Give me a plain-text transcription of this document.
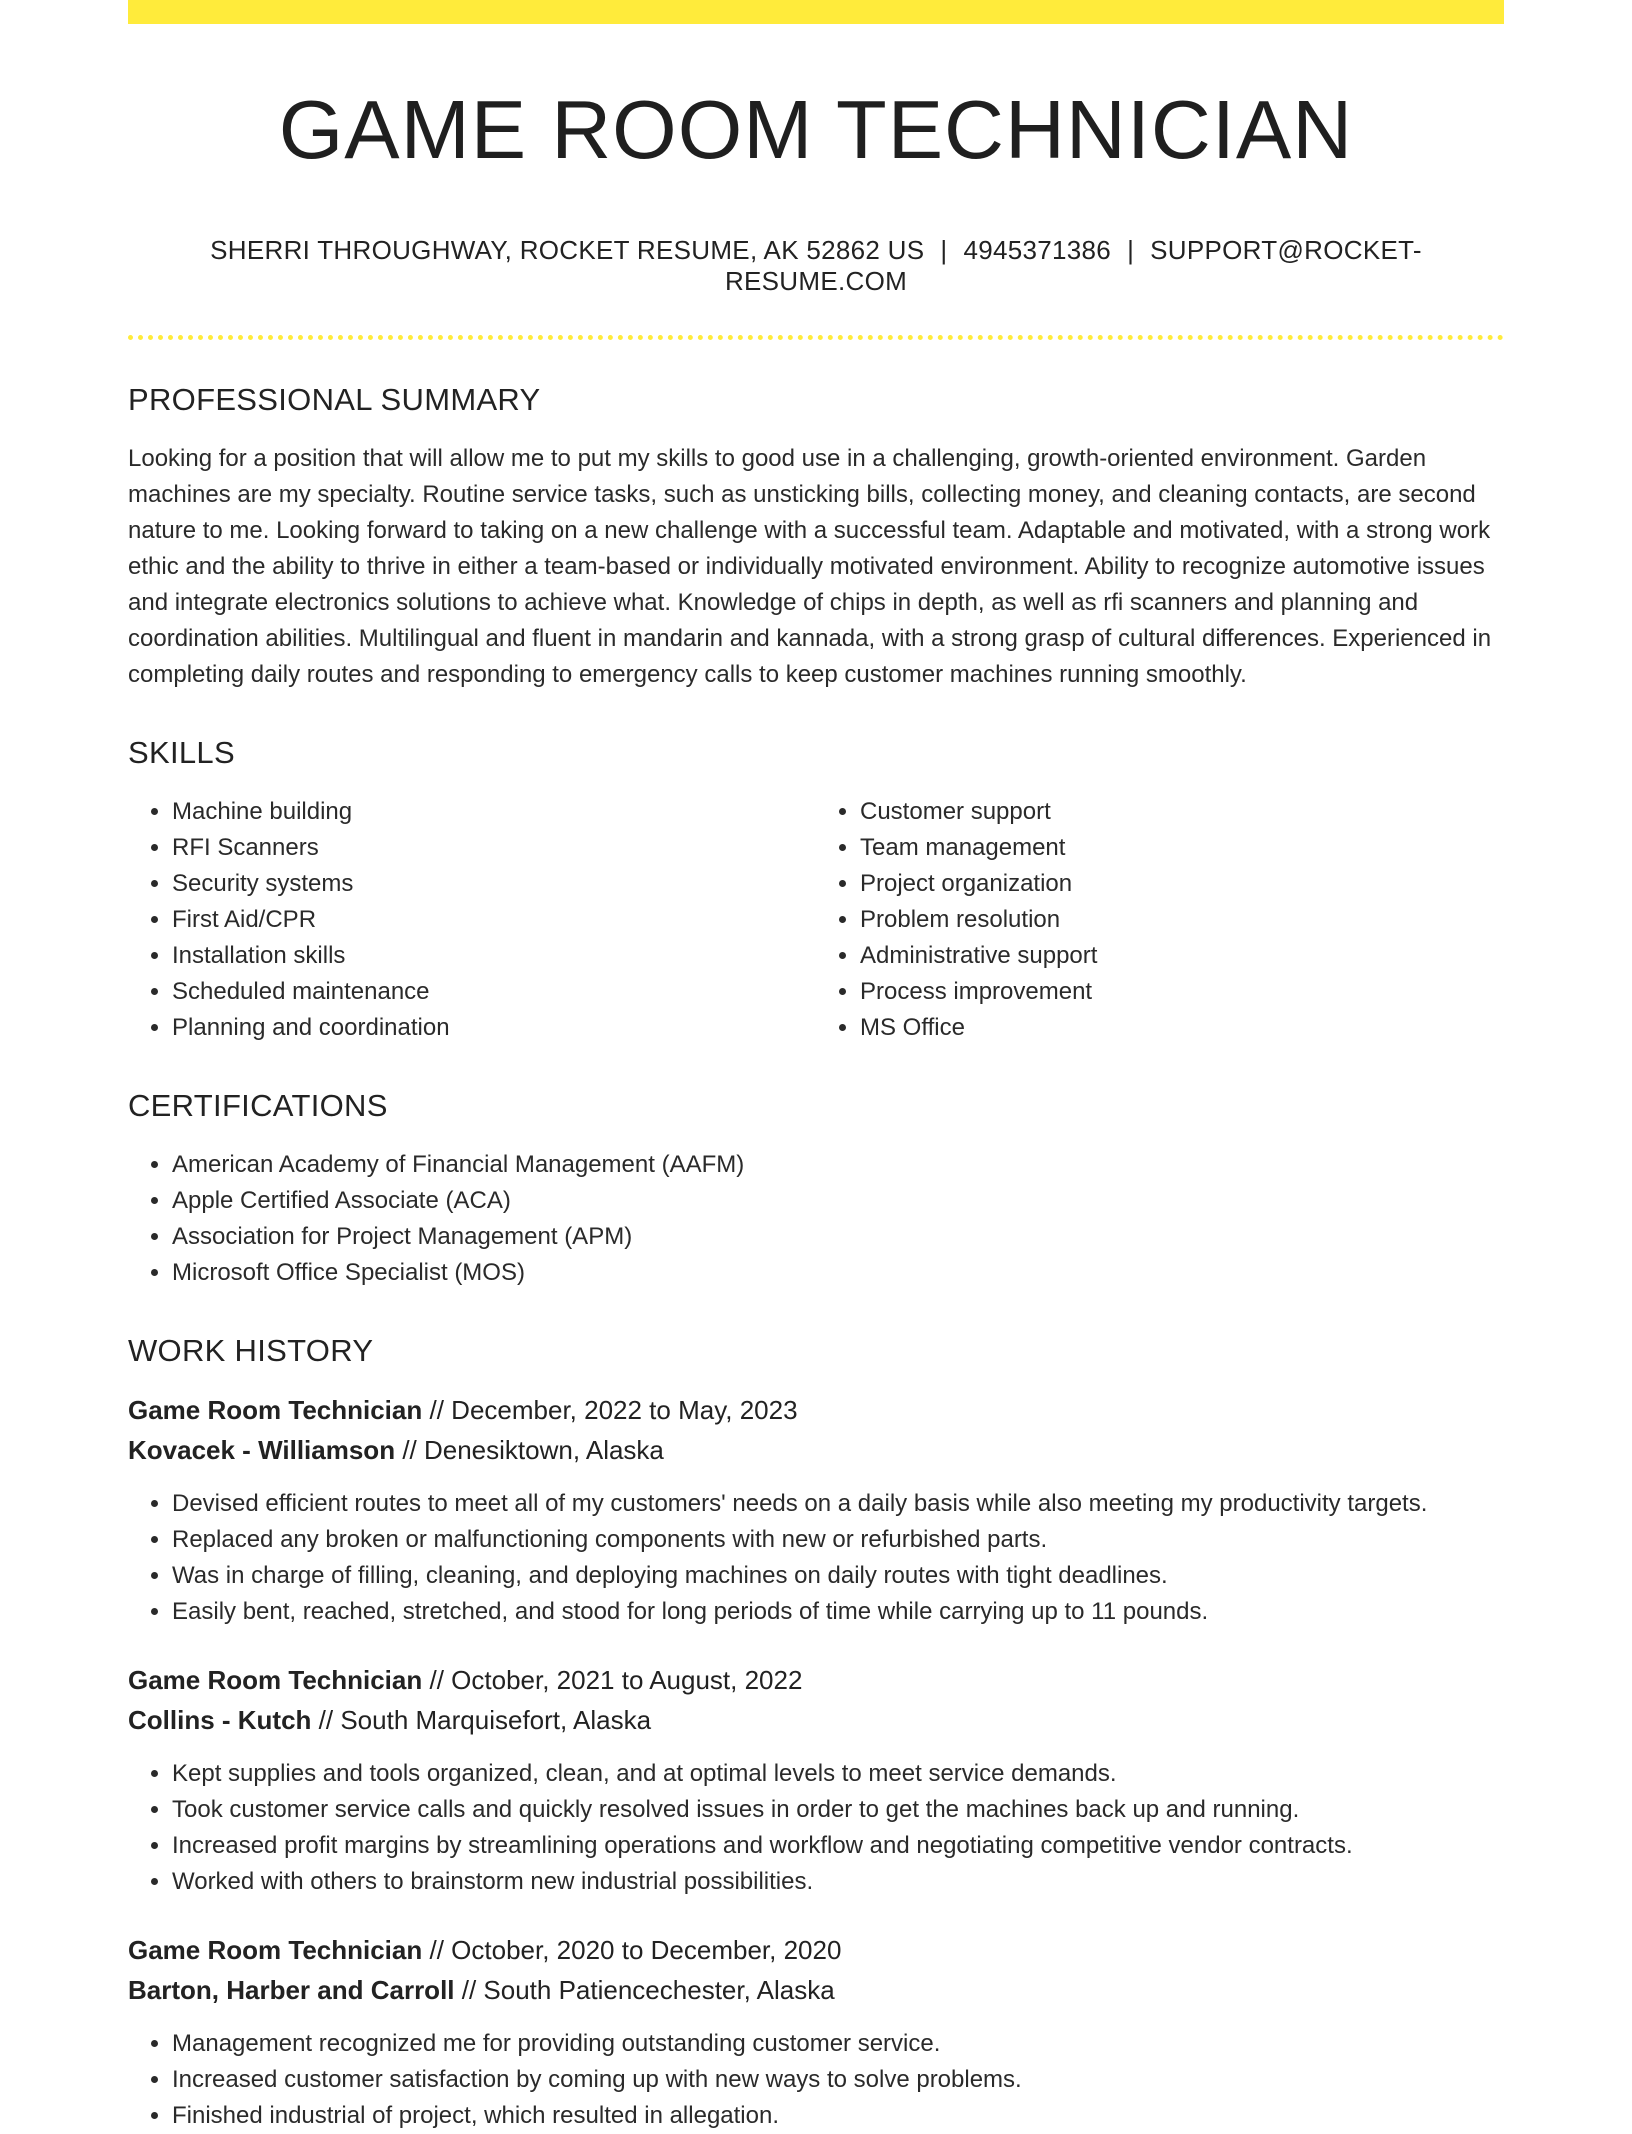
GAME ROOM TECHNICIAN
SHERRI THROUGHWAY, ROCKET RESUME, AK 52862 US | 4945371386 | SUPPORT@ROCKET-RESUME.COM
PROFESSIONAL SUMMARY

Looking for a position that will allow me to put my skills to good use in a challenging, growth-oriented environment. Garden machines are my specialty. Routine service tasks, such as unsticking bills, collecting money, and cleaning contacts, are second nature to me. Looking forward to taking on a new challenge with a successful team. Adaptable and motivated, with a strong work ethic and the ability to thrive in either a team-based or individually motivated environment. Ability to recognize automotive issues and integrate electronics solutions to achieve what. Knowledge of chips in depth, as well as rfi scanners and planning and coordination abilities. Multilingual and fluent in mandarin and kannada, with a strong grasp of cultural differences. Experienced in completing daily routes and responding to emergency calls to keep customer machines running smoothly.

SKILLS
• Machine building
• RFI Scanners
• Security systems
• First Aid/CPR
• Installation skills
• Scheduled maintenance
• Planning and coordination
• Customer support
• Team management
• Project organization
• Problem resolution
• Administrative support
• Process improvement
• MS Office
CERTIFICATIONS
• American Academy of Financial Management (AAFM)
• Apple Certified Associate (ACA)
• Association for Project Management (APM)
• Microsoft Office Specialist (MOS)
WORK HISTORY
Game Room Technician // December, 2022 to May, 2023
Kovacek - Williamson // Denesiktown, Alaska
• Devised efficient routes to meet all of my customers' needs on a daily basis while also meeting my productivity targets.
• Replaced any broken or malfunctioning components with new or refurbished parts.
• Was in charge of filling, cleaning, and deploying machines on daily routes with tight deadlines.
• Easily bent, reached, stretched, and stood for long periods of time while carrying up to 11 pounds.
Game Room Technician // October, 2021 to August, 2022
Collins - Kutch // South Marquisefort, Alaska
• Kept supplies and tools organized, clean, and at optimal levels to meet service demands.
• Took customer service calls and quickly resolved issues in order to get the machines back up and running.
• Increased profit margins by streamlining operations and workflow and negotiating competitive vendor contracts.
• Worked with others to brainstorm new industrial possibilities.
Game Room Technician // October, 2020 to December, 2020
Barton, Harber and Carroll // South Patiencechester, Alaska
• Management recognized me for providing outstanding customer service.
• Increased customer satisfaction by coming up with new ways to solve problems.
• Finished industrial of project, which resulted in allegation.
